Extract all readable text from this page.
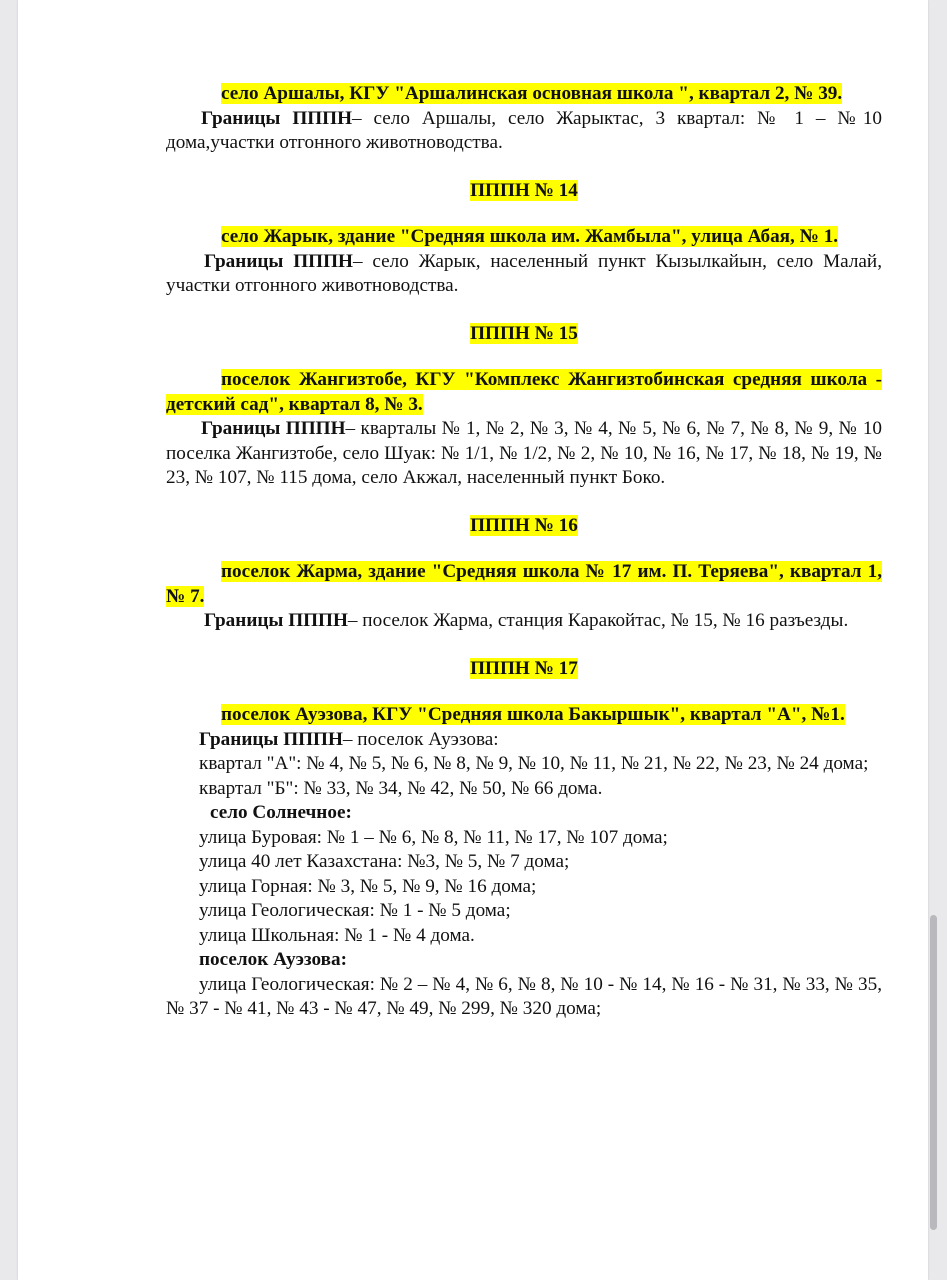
село Аршалы, КГУ "Аршалинская основная школа ", квартал 2, № 39.

Границы ПППН– село Аршалы, село Жарыктас, 3 квартал: № 1 – №10 дома,участки отгонного животноводства.

ПППН № 14

село Жарык, здание "Средняя школа им. Жамбыла", улица Абая, № 1.

Границы ПППН– село Жарык, населенный пункт Кызылкайын, село Малай, участки отгонного животноводства.

ПППН № 15

поселок Жангизтобе, КГУ "Комплекс Жангизтобинская средняя школа - детский сад", квартал 8, № 3.

Границы ПППН– кварталы № 1, № 2, № 3, № 4, № 5, № 6, № 7, № 8, № 9, № 10 поселка Жангизтобе, село Шуак: № 1/1, № 1/2, № 2, № 10, № 16, № 17, № 18, № 19, № 23, № 107, № 115 дома, село Акжал, населенный пункт Боко.

ПППН № 16

поселок Жарма, здание "Средняя школа № 17 им. П. Теряева", квартал 1, № 7.

Границы ПППН– поселок Жарма, станция Каракойтас, № 15, № 16 разъезды.

ПППН № 17

поселок Ауэзова, КГУ "Средняя школа Бакыршык", квартал "А", №1.

Границы ПППН– поселок Ауэзова:

квартал "А": № 4, № 5, № 6, № 8, № 9, № 10, № 11, № 21, № 22, № 23, № 24 дома;

квартал "Б": № 33, № 34, № 42, № 50, № 66 дома.

село Солнечное:

улица Буровая: № 1 – № 6, № 8, № 11, № 17, № 107 дома;

улица 40 лет Казахстана: №3, № 5, № 7 дома;

улица Горная: № 3, № 5, № 9, № 16 дома;

улица Геологическая: № 1 - № 5 дома;

улица Школьная: № 1 - № 4 дома.

поселок Ауэзова:

улица Геологическая: № 2 – № 4, № 6, № 8, № 10 - № 14, № 16 - № 31, № 33, № 35, № 37 - № 41, № 43 - № 47, № 49, № 299, № 320 дома;
